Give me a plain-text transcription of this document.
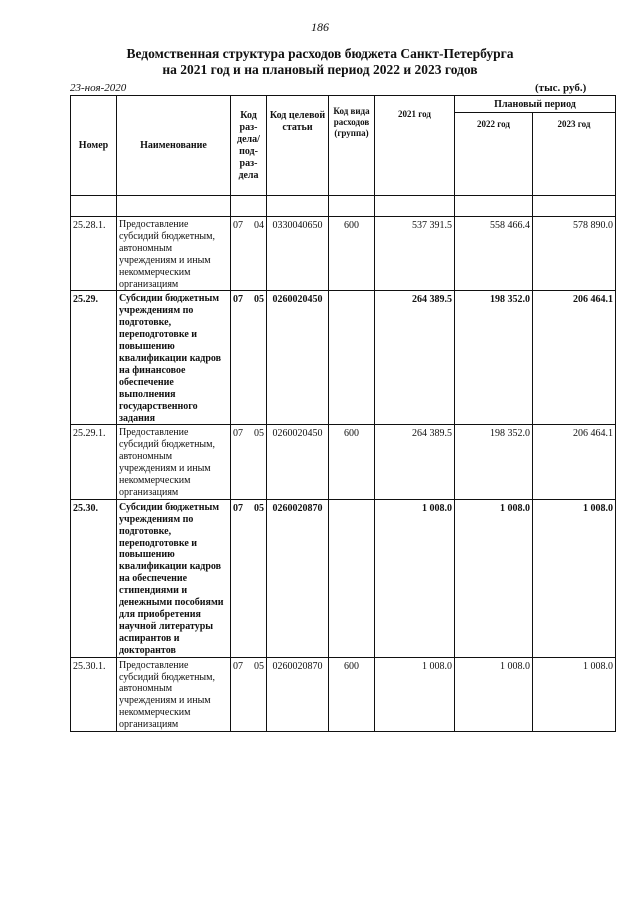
186
Ведомственная структура расходов бюджета Санкт-Петербурга
на 2021 год и на плановый период 2022 и 2023 годов
23-ноя-2020	(тыс. руб.)
Номер	Наименование	Код раз-дела/ под-раз-дела	Код целевой статьи	Код вида расходов (группа)	2021 год	Плановый период	
						2022 год	2023 год

25.28.1.	Предоставление субсидий бюджетным, автономным учреждениям и иным некоммерческим организациям	07 04	0330040650	600	537 391.5	558 466.4	578 890.0
25.29.	Субсидии бюджетным учреждениям по подготовке, переподготовке и повышению квалификации кадров на финансовое обеспечение выполнения государственного задания	07 05	0260020450		264 389.5	198 352.0	206 464.1
25.29.1.	Предоставление субсидий бюджетным, автономным учреждениям и иным некоммерческим организациям	07 05	0260020450	600	264 389.5	198 352.0	206 464.1
25.30.	Субсидии бюджетным учреждениям по подготовке, переподготовке и повышению квалификации кадров на обеспечение стипендиями и денежными пособиями для приобретения научной литературы аспирантов и докторантов	07 05	0260020870		1 008.0	1 008.0	1 008.0
25.30.1.	Предоставление субсидий бюджетным, автономным учреждениям и иным некоммерческим организациям	07 05	0260020870	600	1 008.0	1 008.0	1 008.0
